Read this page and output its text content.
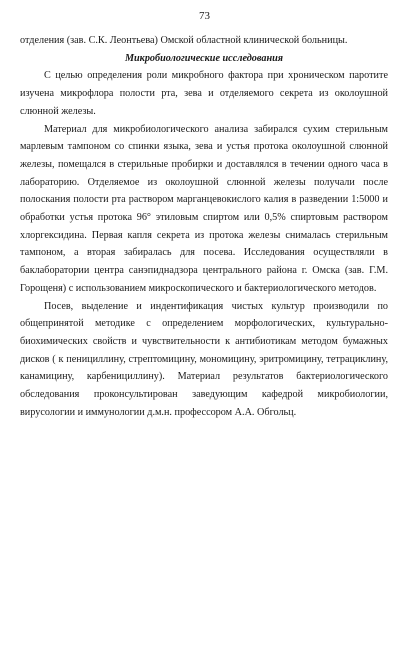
73

отделения (зав. С.К. Леонтьева) Омской областной клинической больницы.

Микробиологические исследования

С целью определения роли микробного фактора при хроническом паротите изучена микрофлора полости рта, зева и отделяемого секрета из околоушной слюнной железы.

Материал для микробиологического анализа забирался сухим стерильным марлевым тампоном со спинки языка, зева и устья протока околоушной слюнной железы, помещался в стерильные пробирки и доставлялся в течении одного часа в лабораторию. Отделяемое из околоушной слюнной железы получали после полоскания полости рта раствором марганцевокислого калия в разведении 1:5000 и обработки устья протока 96° этиловым спиртом или 0,5% спиртовым раствором хлоргексидина. Первая капля секрета из протока железы снималась стерильным тампоном, а вторая забиралась для посева. Исследования осуществляли в баклаборатории центра санэпиднадзора центрального района г. Омска (зав. Г.М. Горощеня) с использованием микроскопического и бактериологического методов.

Посев, выделение и индентификация чистых культур производили по общепринятой методике с определением морфологических, культурально-биохимических свойств и чувствительности к антибиотикам методом бумажных дисков ( к пенициллину, стрептомицину, мономицину, эритромицину, тетрациклину, канамицину, карбенициллину). Материал результатов бактериологического обследования проконсультирован заведующим кафедрой микробиологии, вирусологии и иммунологии д.м.н. профессором А.А. Обгольц.
